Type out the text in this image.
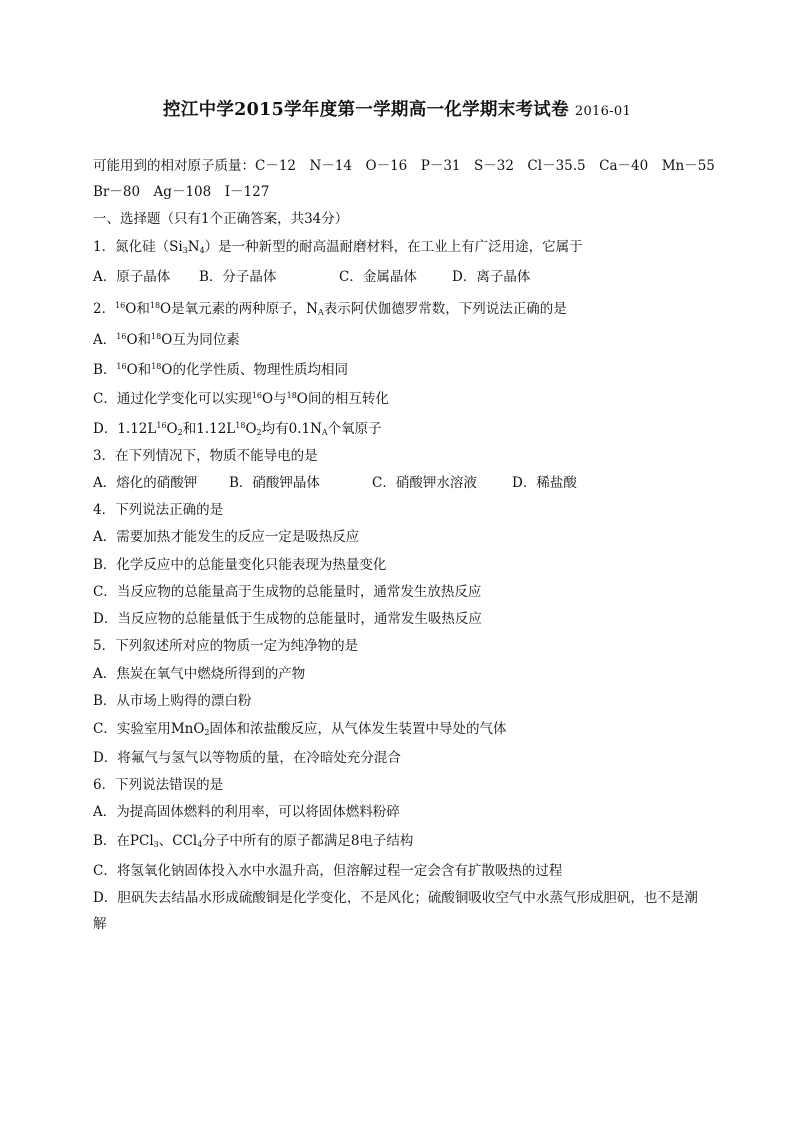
控江中学2015学年度第一学期高一化学期末考试卷 2016-01
可能用到的相对原子质量：C－12　N－14　O－16　P－31　S－32　Cl－35.5　Ca－40　Mn－55
Br－80　Ag－108　I－127
一、选择题（只有1个正确答案，共34分）
1．氮化硅$(Si_3N_4)$是一种新型的耐高温耐磨材料，在工业上有广泛用途，它属于
A．原子晶体 B．分子晶体	C．金属晶体	D．离子晶体
2．$^{16}$O和$^{18}$O是氧元素的两种原子，$N_A$表示阿伏伽德罗常数，下列说法正确的是
A．$^{16}$O和$^{18}$O互为同位素
B．$^{16}$O和$^{18}$O的化学性质、物理性质均相同
C．通过化学变化可以实现$^{16}$O与$^{18}$O间的相互转化
D．$1.12L^{16}O_2$和$1.12L^{18}O_2$均有$0.1N_A$个氧原子
3．在下列情况下，物质不能导电的是
A．熔化的硝酸钾 B．硝酸钾晶体	C．硝酸钾水溶液	D．稀盐酸
4．下列说法正确的是
A．需要加热才能发生的反应一定是吸热反应
B．化学反应中的总能量变化只能表现为热量变化
C．当反应物的总能量高于生成物的总能量时，通常发生放热反应
D．当反应物的总能量低于生成物的总能量时，通常发生吸热反应
5．下列叙述所对应的物质一定为纯净物的是
A．焦炭在氧气中燃烧所得到的产物
B．从市场上购得的漂白粉
C．实验室用MnO$_2$固体和浓盐酸反应，从气体发生装置中导处的气体
D．将氟气与氢气以等物质的量，在冷暗处充分混合
6．下列说法错误的是
A．为提高固体燃料的利用率，可以将固体燃料粉碎
B．在PCl$_3$、CCl$_4$分子中所有的原子都满足8电子结构
C．将氢氧化钠固体投入水中水温升高，但溶解过程一定会含有扩散吸热的过程
D．胆矾失去结晶水形成硫酸铜是化学变化，不是风化；硫酸铜吸收空气中水蒸气形成胆矾，也不是潮解
